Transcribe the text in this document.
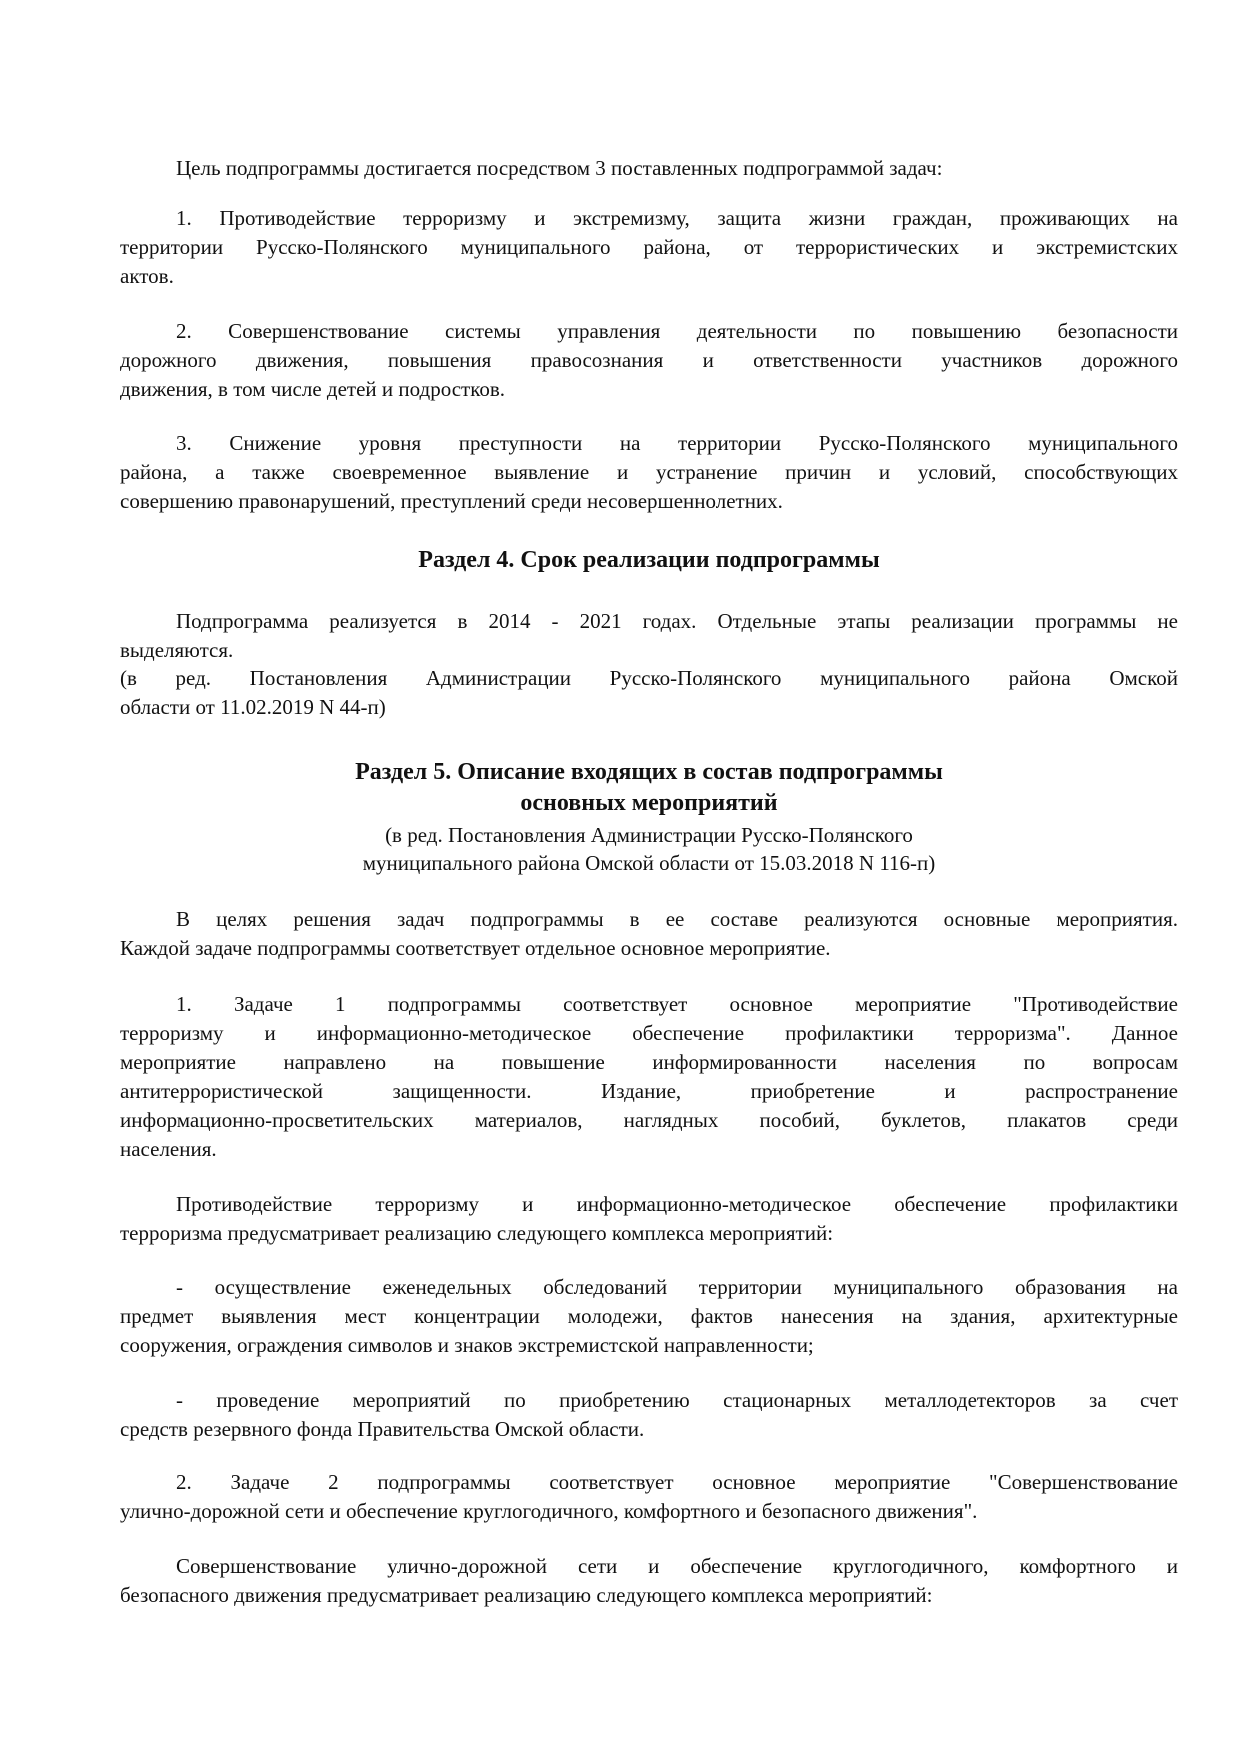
Раздел 4. Срок реализации подпрограммы
Раздел 5. Описание входящих в состав подпрограммы
основных мероприятий
(в ред. Постановления Администрации Русско-Полянского
муниципального района Омской области от 15.03.2018 N 116-п)
Цель подпрограммы достигается посредством 3 поставленных подпрограммой задач:
1. Противодействие терроризму и экстремизму, защита жизни граждан, проживающих на
территории Русско-Полянского муниципального района, от террористических и экстремистских
актов.
2. Совершенствование системы управления деятельности по повышению безопасности
дорожного движения, повышения правосознания и ответственности участников дорожного
движения, в том числе детей и подростков.
3. Снижение уровня преступности на территории Русско-Полянского муниципального
района, а также своевременное выявление и устранение причин и условий, способствующих
совершению правонарушений, преступлений среди несовершеннолетних.
Подпрограмма реализуется в 2014 - 2021 годах. Отдельные этапы реализации программы не
выделяются.
(в ред. Постановления Администрации Русско-Полянского муниципального района Омской
области от 11.02.2019 N 44-п)
В целях решения задач подпрограммы в ее составе реализуются основные мероприятия.
Каждой задаче подпрограммы соответствует отдельное основное мероприятие.
1. Задаче 1 подпрограммы соответствует основное мероприятие "Противодействие
терроризму и информационно-методическое обеспечение профилактики терроризма". Данное
мероприятие направлено на повышение информированности населения по вопросам
антитеррористической защищенности. Издание, приобретение и распространение
информационно-просветительских материалов, наглядных пособий, буклетов, плакатов среди
населения.
Противодействие терроризму и информационно-методическое обеспечение профилактики
терроризма предусматривает реализацию следующего комплекса мероприятий:
- осуществление еженедельных обследований территории муниципального образования на
предмет выявления мест концентрации молодежи, фактов нанесения на здания, архитектурные
сооружения, ограждения символов и знаков экстремистской направленности;
- проведение мероприятий по приобретению стационарных металлодетекторов за счет
средств резервного фонда Правительства Омской области.
2. Задаче 2 подпрограммы соответствует основное мероприятие "Совершенствование
улично-дорожной сети и обеспечение круглогодичного, комфортного и безопасного движения".
Совершенствование улично-дорожной сети и обеспечение круглогодичного, комфортного и
безопасного движения предусматривает реализацию следующего комплекса мероприятий:
